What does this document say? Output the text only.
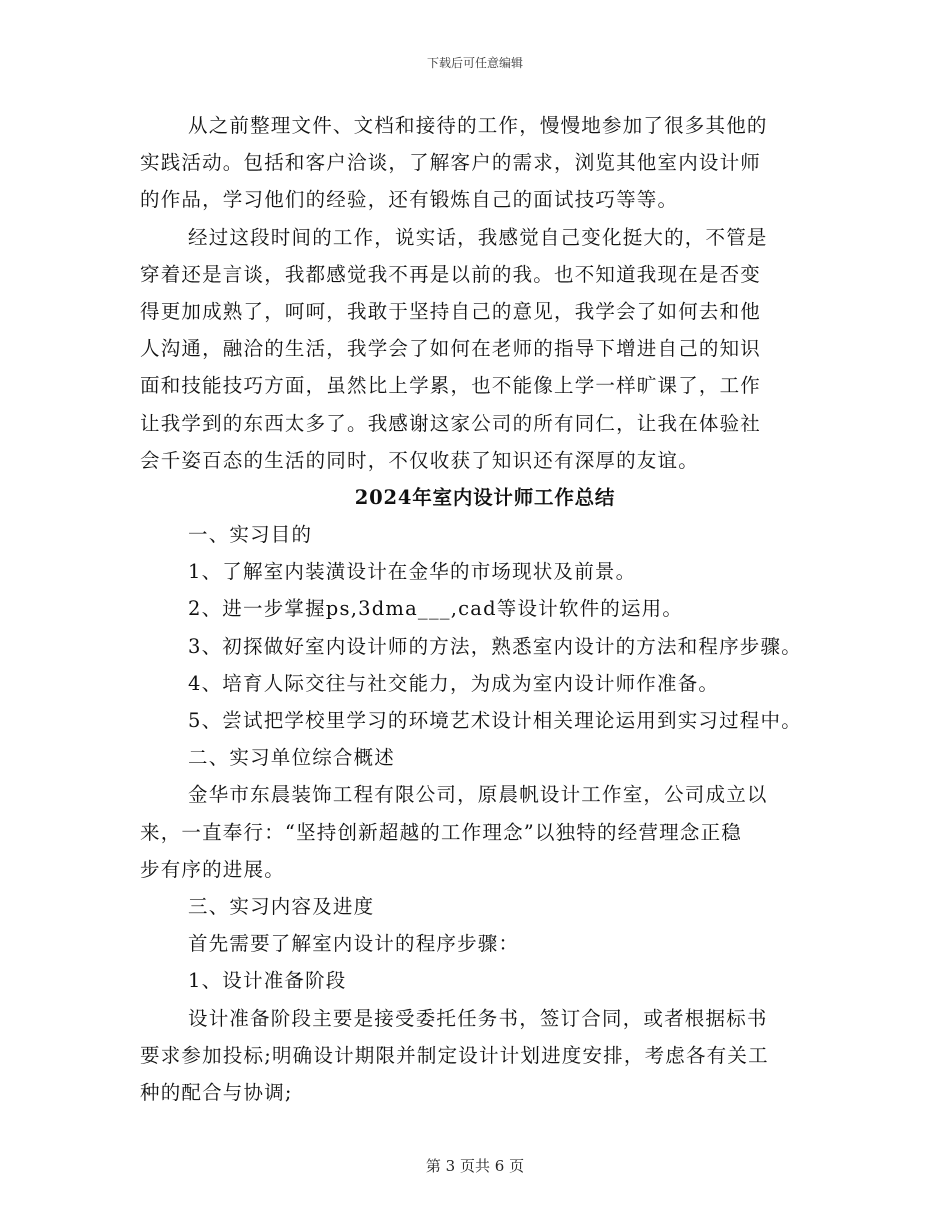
下载后可任意编辑

从之前整理文件、文档和接待的工作，慢慢地参加了很多其他的

实践活动。包括和客户洽谈，了解客户的需求，浏览其他室内设计师

的作品，学习他们的经验，还有锻炼自己的面试技巧等等。

经过这段时间的工作，说实话，我感觉自己变化挺大的，不管是

穿着还是言谈，我都感觉我不再是以前的我。也不知道我现在是否变

得更加成熟了，呵呵，我敢于坚持自己的意见，我学会了如何去和他

人沟通，融洽的生活，我学会了如何在老师的指导下增进自己的知识

面和技能技巧方面，虽然比上学累，也不能像上学一样旷课了，工作

让我学到的东西太多了。我感谢这家公司的所有同仁，让我在体验社

会千姿百态的生活的同时，不仅收获了知识还有深厚的友谊。

2024年室内设计师工作总结

一、实习目的

1、了解室内装潢设计在金华的市场现状及前景。

2、进一步掌握ps,3dma___,cad等设计软件的运用。

3、初探做好室内设计师的方法，熟悉室内设计的方法和程序步骤。

4、培育人际交往与社交能力，为成为室内设计师作准备。

5、尝试把学校里学习的环境艺术设计相关理论运用到实习过程中。

二、实习单位综合概述

金华市东晨装饰工程有限公司，原晨帆设计工作室，公司成立以

来，一直奉行：“坚持创新超越的工作理念”以独特的经营理念正稳

步有序的进展。

三、实习内容及进度

首先需要了解室内设计的程序步骤：

1、设计准备阶段

设计准备阶段主要是接受委托任务书，签订合同，或者根据标书

要求参加投标;明确设计期限并制定设计计划进度安排，考虑各有关工

种的配合与协调;

第 3 页共 6 页
